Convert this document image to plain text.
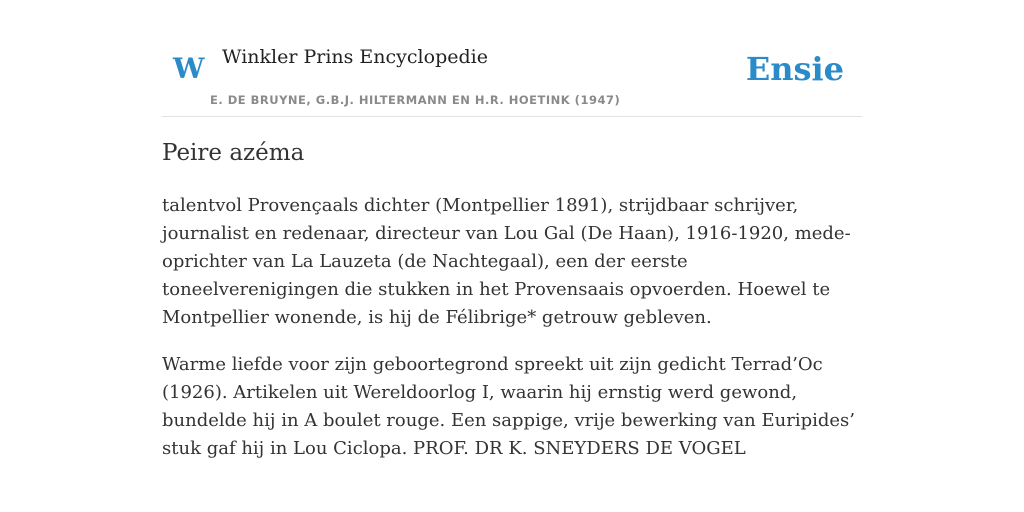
W Winkler Prins Encyclopedie
E. DE BRUYNE, G.B.J. HILTERMANN EN H.R. HOETINK (1947)
Ensie
Peire azéma

talentvol Provençaals dichter (Montpellier 1891), strijdbaar schrijver, journalist en redenaar, directeur van Lou Gal (De Haan), 1916-1920, mede-oprichter van La Lauzeta (de Nachtegaal), een der eerste toneelverenigingen die stukken in het Provensaais opvoerden. Hoewel te Montpellier wonende, is hij de Félibrige* getrouw gebleven.

Warme liefde voor zijn geboortegrond spreekt uit zijn gedicht Terrad’Oc (1926). Artikelen uit Wereldoorlog I, waarin hij ernstig werd gewond, bundelde hij in A boulet rouge. Een sappige, vrije bewerking van Euripides’ stuk gaf hij in Lou Ciclopa. PROF. DR K. SNEYDERS DE VOGEL
